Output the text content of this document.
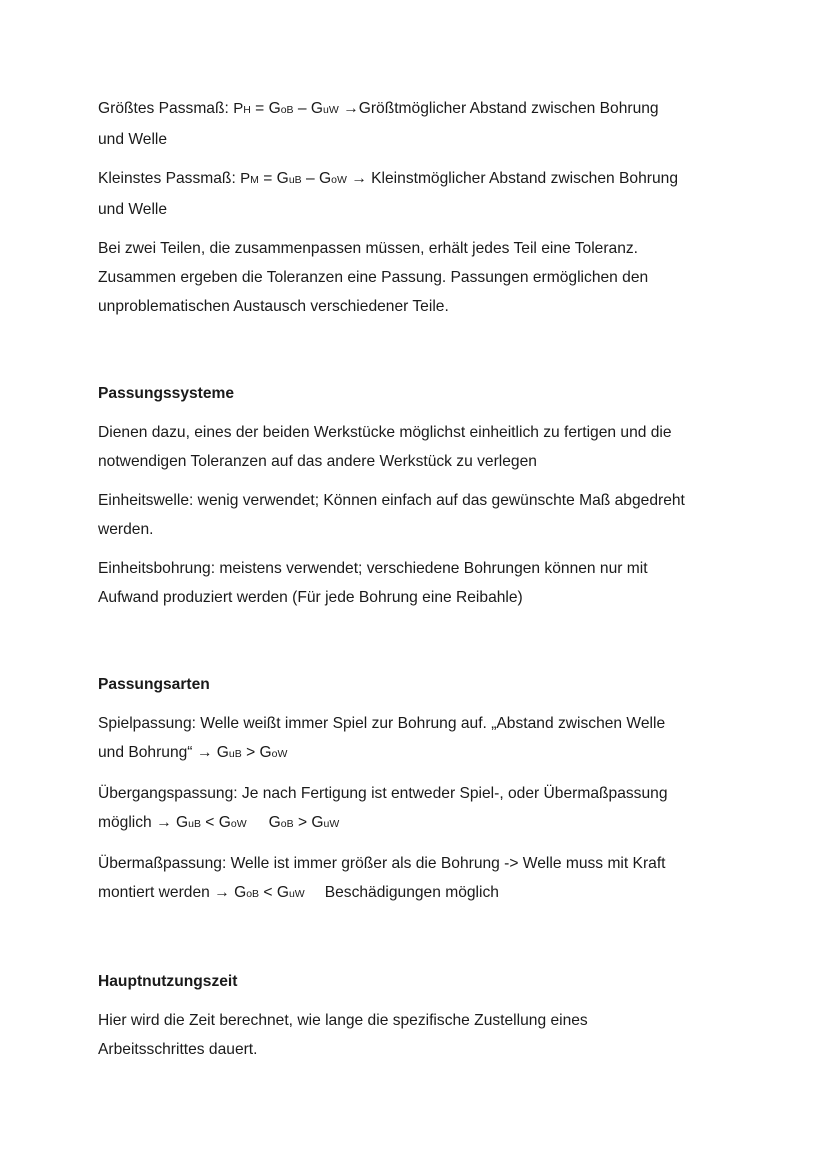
Größtes Passmaß: PH = GoB – GuW →Größtmöglicher Abstand zwischen Bohrung
und Welle

Kleinstes Passmaß: PM = GuB – GoW → Kleinstmöglicher Abstand zwischen Bohrung
und Welle

Bei zwei Teilen, die zusammenpassen müssen, erhält jedes Teil eine Toleranz.
Zusammen ergeben die Toleranzen eine Passung. Passungen ermöglichen den
unproblematischen Austausch verschiedener Teile.

Passungssysteme

Dienen dazu, eines der beiden Werkstücke möglichst einheitlich zu fertigen und die
notwendigen Toleranzen auf das andere Werkstück zu verlegen

Einheitswelle: wenig verwendet; Können einfach auf das gewünschte Maß abgedreht
werden.

Einheitsbohrung: meistens verwendet; verschiedene Bohrungen können nur mit
Aufwand produziert werden (Für jede Bohrung eine Reibahle)

Passungsarten

Spielpassung: Welle weißt immer Spiel zur Bohrung auf. „Abstand zwischen Welle
und Bohrung“ → GuB > GoW

Übergangspassung: Je nach Fertigung ist entweder Spiel-, oder Übermaßpassung
möglich → GuB < GoW GoB > GuW

Übermaßpassung: Welle ist immer größer als die Bohrung -> Welle muss mit Kraft
montiert werden → GoB < GuW Beschädigungen möglich

Hauptnutzungszeit

Hier wird die Zeit berechnet, wie lange die spezifische Zustellung eines
Arbeitsschrittes dauert.
